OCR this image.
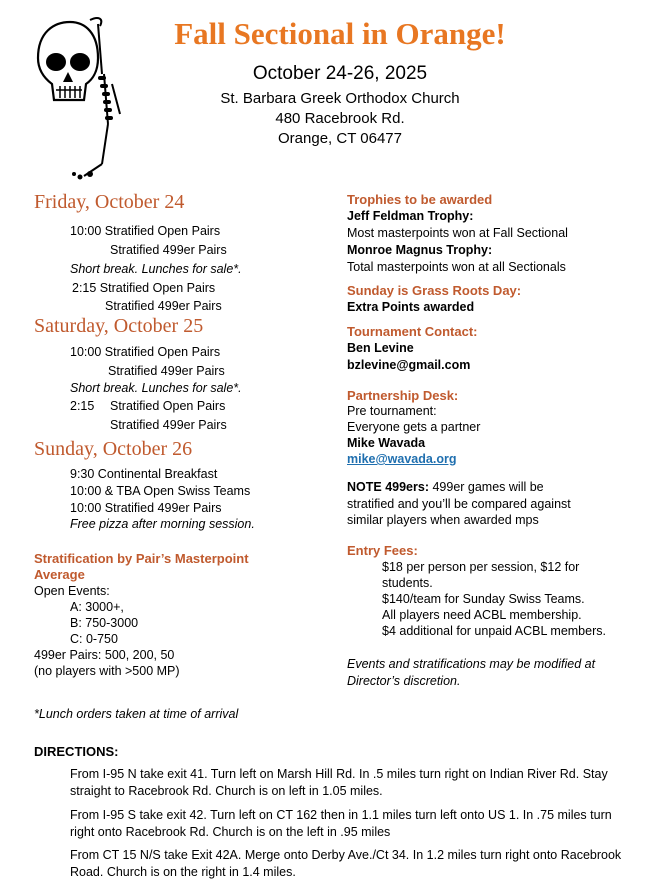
Fall Sectional in Orange!
October 24-26, 2025
St. Barbara Greek Orthodox Church
480 Racebrook Rd.
Orange, CT 06477
Friday, October 24
10:00 Stratified Open Pairs
Stratified 499er Pairs
Short break. Lunches for sale*.
2:15 Stratified Open Pairs
Stratified 499er Pairs
Saturday, October 25
10:00 Stratified Open Pairs
Stratified 499er Pairs
Short break. Lunches for sale*.
2:15 Stratified Open Pairs
Stratified 499er Pairs
Sunday, October 26
9:30 Continental Breakfast
10:00 & TBA Open Swiss Teams
10:00 Stratified 499er Pairs
Free pizza after morning session.
Stratification by Pair’s Masterpoint
Average
Open Events:
A: 3000+,
B: 750-3000
C: 0-750
499er Pairs: 500, 200, 50
(no players with >500 MP)
*Lunch orders taken at time of arrival
Trophies to be awarded
Jeff Feldman Trophy:
Most masterpoints won at Fall Sectional
Monroe Magnus Trophy:
Total masterpoints won at all Sectionals
Sunday is Grass Roots Day:
Extra Points awarded
Tournament Contact:
Ben Levine
bzlevine@gmail.com
Partnership Desk:
Pre tournament:
Everyone gets a partner
Mike Wavada
mike@wavada.org
NOTE 499ers: 499er games will be
stratified and you’ll be compared against
similar players when awarded mps
Entry Fees:
$18 per person per session, $12 for
students.
$140/team for Sunday Swiss Teams.
All players need ACBL membership.
$4 additional for unpaid ACBL members.
Events and stratifications may be modified at
Director’s discretion.
DIRECTIONS:
From I-95 N take exit 41. Turn left on Marsh Hill Rd. In .5 miles turn right on Indian River Rd. Stay straight to Racebrook Rd. Church is on left in 1.05 miles.
From I-95 S take exit 42. Turn left on CT 162 then in 1.1 miles turn left onto US 1. In .75 miles turn right onto Racebrook Rd. Church is on the left in .95 miles
From CT 15 N/S take Exit 42A. Merge onto Derby Ave./Ct 34. In 1.2 miles turn right onto Racebrook Road. Church is on the right in 1.4 miles.
